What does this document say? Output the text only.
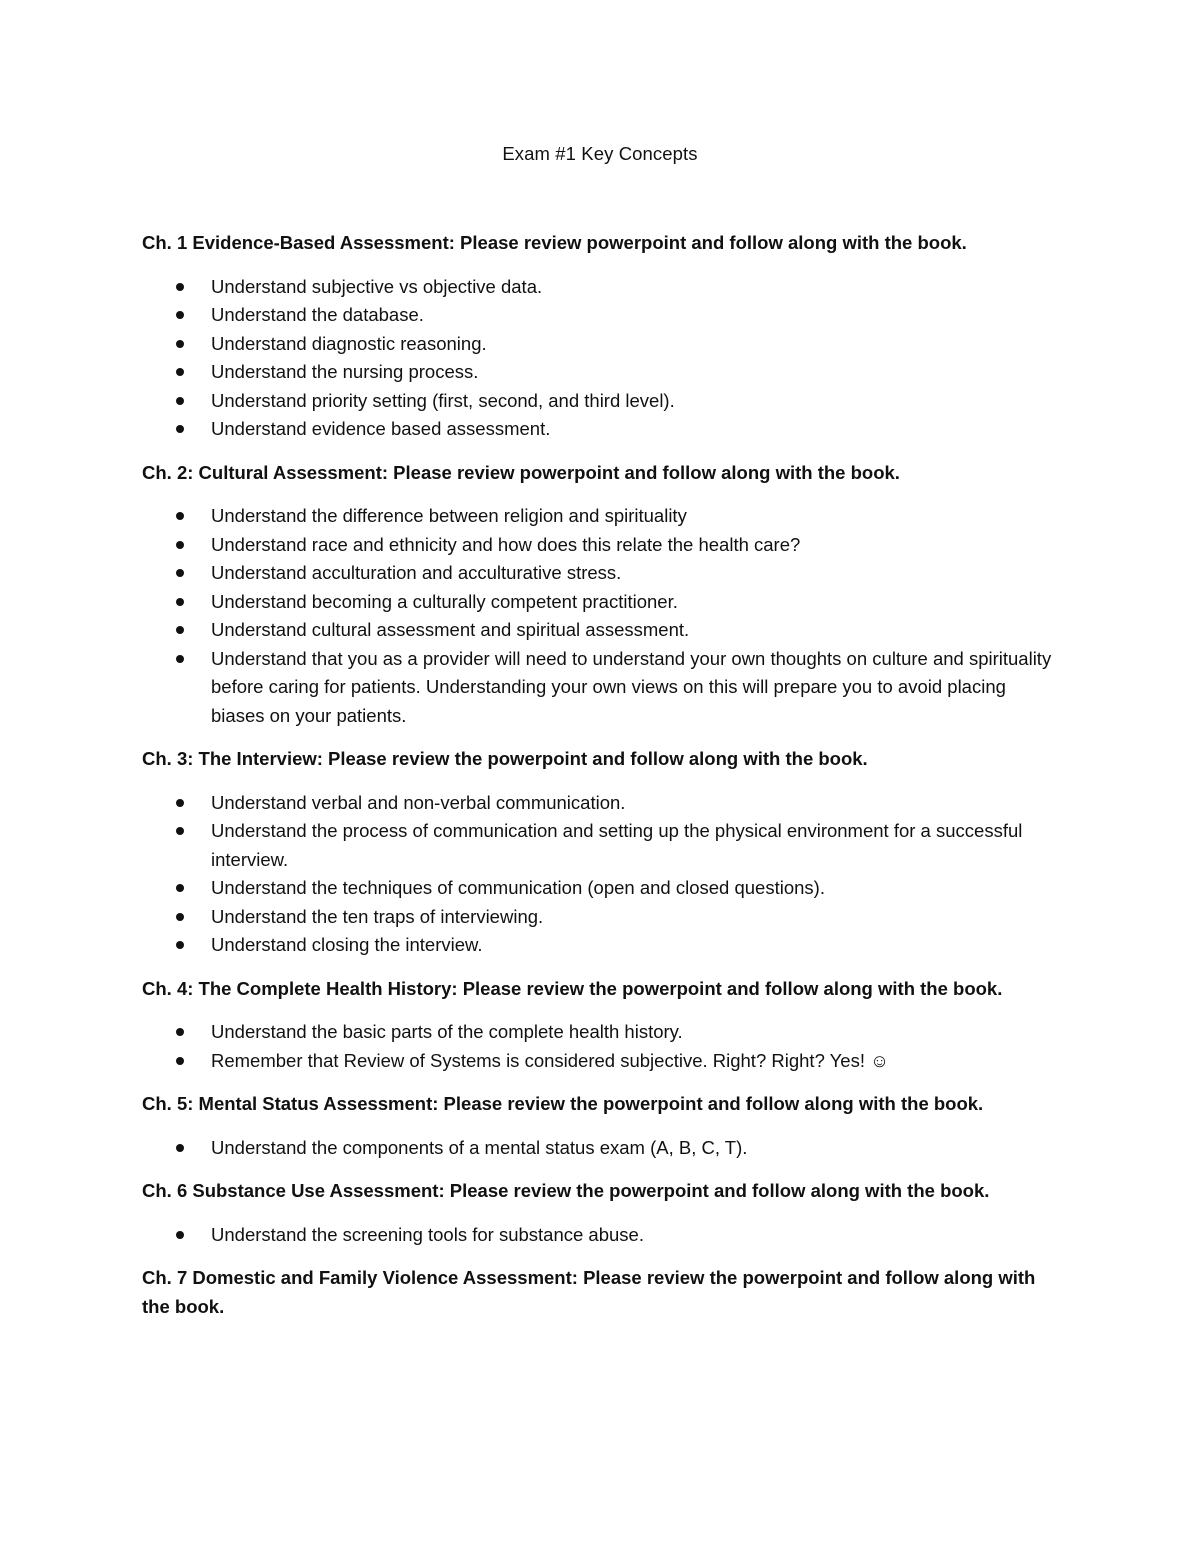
Exam #1 Key Concepts
Ch. 1 Evidence-Based Assessment: Please review powerpoint and follow along with the book.
Understand subjective vs objective data.
Understand the database.
Understand diagnostic reasoning.
Understand the nursing process.
Understand priority setting (first, second, and third level).
Understand evidence based assessment.
Ch. 2: Cultural Assessment: Please review powerpoint and follow along with the book.
Understand the difference between religion and spirituality
Understand race and ethnicity and how does this relate the health care?
Understand acculturation and acculturative stress.
Understand becoming a culturally competent practitioner.
Understand cultural assessment and spiritual assessment.
Understand that you as a provider will need to understand your own thoughts on culture and spirituality before caring for patients. Understanding your own views on this will prepare you to avoid placing biases on your patients.
Ch. 3: The Interview: Please review the powerpoint and follow along with the book.
Understand verbal and non-verbal communication.
Understand the process of communication and setting up the physical environment for a successful interview.
Understand the techniques of communication (open and closed questions).
Understand the ten traps of interviewing.
Understand closing the interview.
Ch. 4: The Complete Health History: Please review the powerpoint and follow along with the book.
Understand the basic parts of the complete health history.
Remember that Review of Systems is considered subjective. Right? Right? Yes! ☺
Ch. 5: Mental Status Assessment: Please review the powerpoint and follow along with the book.
Understand the components of a mental status exam (A, B, C, T).
Ch. 6 Substance Use Assessment: Please review the powerpoint and follow along with the book.
Understand the screening tools for substance abuse.
Ch. 7 Domestic and Family Violence Assessment: Please review the powerpoint and follow along with the book.
